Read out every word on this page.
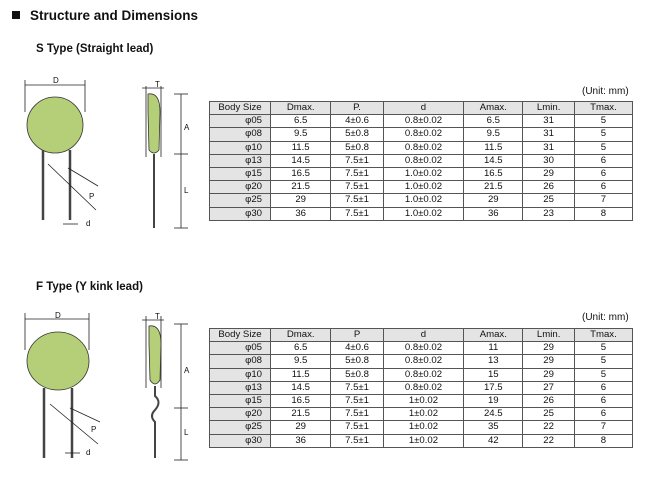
Structure and Dimensions
S Type (Straight lead)
(Unit: mm)
D
P
d
T
A
L
Body Size	Dmax.	P.	d	Amax.	Lmin.	Tmax.
φ05	6.5	4±0.6	0.8±0.02	6.5	31	5
φ08	9.5	5±0.8	0.8±0.02	9.5	31	5
φ10	11.5	5±0.8	0.8±0.02	11.5	31	5
φ13	14.5	7.5±1	0.8±0.02	14.5	30	6
φ15	16.5	7.5±1	1.0±0.02	16.5	29	6
φ20	21.5	7.5±1	1.0±0.02	21.5	26	6
φ25	29	7.5±1	1.0±0.02	29	25	7
φ30	36	7.5±1	1.0±0.02	36	23	8
F Type (Y kink lead)
(Unit: mm)
D
P
d
T
A
L
Body Size	Dmax.	P	d	Amax.	Lmin.	Tmax.
φ05	6.5	4±0.6	0.8±0.02	11	29	5
φ08	9.5	5±0.8	0.8±0.02	13	29	5
φ10	11.5	5±0.8	0.8±0.02	15	29	5
φ13	14.5	7.5±1	0.8±0.02	17.5	27	6
φ15	16.5	7.5±1	1±0.02	19	26	6
φ20	21.5	7.5±1	1±0.02	24.5	25	6
φ25	29	7.5±1	1±0.02	35	22	7
φ30	36	7.5±1	1±0.02	42	22	8
